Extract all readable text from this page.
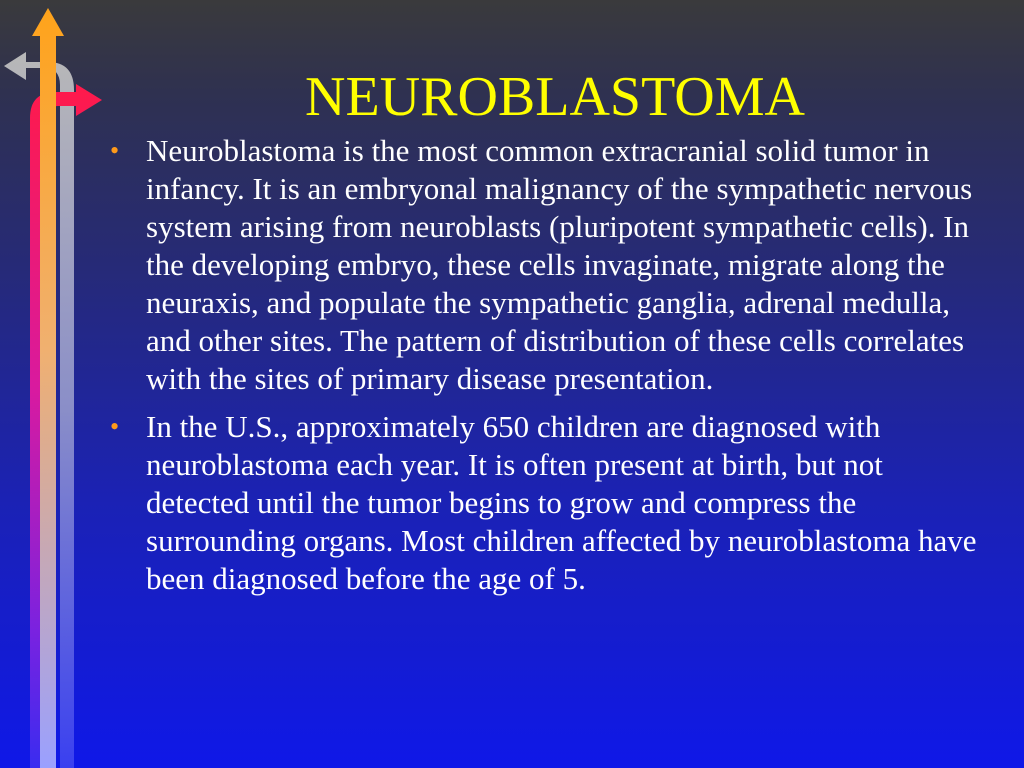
NEUROBLASTOMA
• Neuroblastoma is the most common extracranial solid tumor in infancy. It is an embryonal malignancy of the sympathetic nervous system arising from neuroblasts (pluripotent sympathetic cells). In the developing embryo, these cells invaginate, migrate along the neuraxis, and populate the sympathetic ganglia, adrenal medulla, and other sites. The pattern of distribution of these cells correlates with the sites of primary disease presentation.
• In the U.S., approximately 650 children are diagnosed with neuroblastoma each year. It is often present at birth, but not detected until the tumor begins to grow and compress the surrounding organs. Most children affected by neuroblastoma have been diagnosed before the age of 5.
